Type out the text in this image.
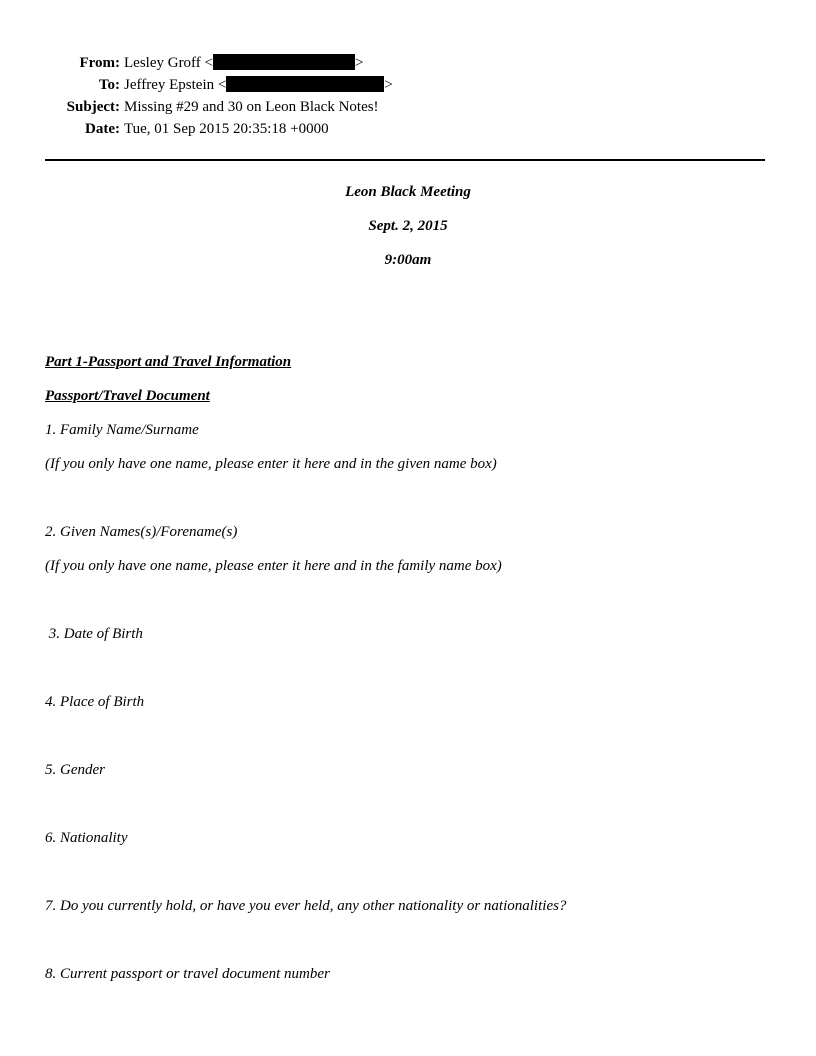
From: Lesley Groff <	>
To: Jeffrey Epstein <	>
Subject: Missing #29 and 30 on Leon Black Notes!
Date: Tue, 01 Sep 2015 20:35:18 +0000
Leon Black Meeting
Sept. 2, 2015
9:00am
Part 1-Passport and Travel Information
Passport/Travel Document
1. Family Name/Surname
(If you only have one name, please enter it here and in the given name box)
2. Given Names(s)/Forename(s)
(If you only have one name, please enter it here and in the family name box)
3. Date of Birth
4. Place of Birth
5. Gender
6. Nationality
7. Do you currently hold, or have you ever held, any other nationality or nationalities?
8. Current passport or travel document number
